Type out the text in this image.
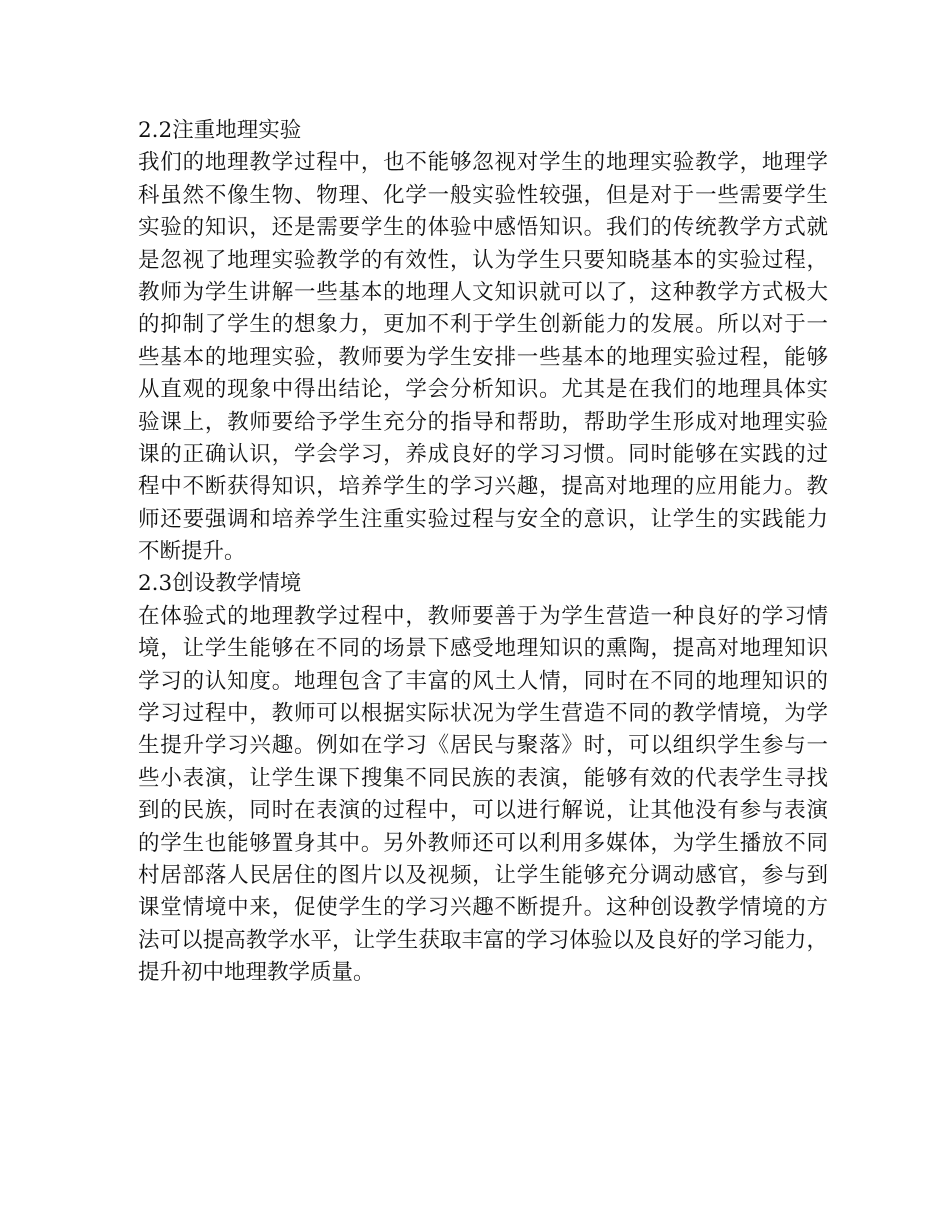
2.2注重地理实验
我们的地理教学过程中，也不能够忽视对学生的地理实验教学，地理学
科虽然不像生物、物理、化学一般实验性较强，但是对于一些需要学生
实验的知识，还是需要学生的体验中感悟知识。我们的传统教学方式就
是忽视了地理实验教学的有效性，认为学生只要知晓基本的实验过程，
教师为学生讲解一些基本的地理人文知识就可以了，这种教学方式极大
的抑制了学生的想象力，更加不利于学生创新能力的发展。所以对于一
些基本的地理实验，教师要为学生安排一些基本的地理实验过程，能够
从直观的现象中得出结论，学会分析知识。尤其是在我们的地理具体实
验课上，教师要给予学生充分的指导和帮助，帮助学生形成对地理实验
课的正确认识，学会学习，养成良好的学习习惯。同时能够在实践的过
程中不断获得知识，培养学生的学习兴趣，提高对地理的应用能力。教
师还要强调和培养学生注重实验过程与安全的意识，让学生的实践能力
不断提升。
2.3创设教学情境
在体验式的地理教学过程中，教师要善于为学生营造一种良好的学习情
境，让学生能够在不同的场景下感受地理知识的熏陶，提高对地理知识
学习的认知度。地理包含了丰富的风土人情，同时在不同的地理知识的
学习过程中，教师可以根据实际状况为学生营造不同的教学情境，为学
生提升学习兴趣。例如在学习《居民与聚落》时，可以组织学生参与一
些小表演，让学生课下搜集不同民族的表演，能够有效的代表学生寻找
到的民族，同时在表演的过程中，可以进行解说，让其他没有参与表演
的学生也能够置身其中。另外教师还可以利用多媒体，为学生播放不同
村居部落人民居住的图片以及视频，让学生能够充分调动感官，参与到
课堂情境中来，促使学生的学习兴趣不断提升。这种创设教学情境的方
法可以提高教学水平，让学生获取丰富的学习体验以及良好的学习能力，
提升初中地理教学质量。
